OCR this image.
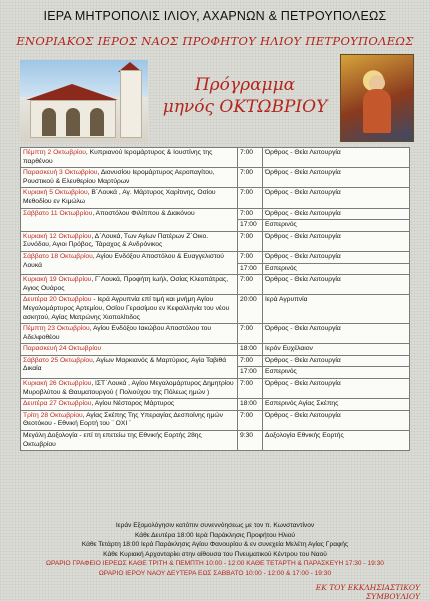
ΙΕΡΑ ΜΗΤΡΟΠΟΛΙΣ ΙΛΙΟΥ, ΑΧΑΡΝΩΝ & ΠΕΤΡΟΥΠΟΛΕΩΣ
ΕΝΟΡΙΑΚΟΣ ΙΕΡΟΣ ΝΑΟΣ ΠΡΟΦΗΤΟΥ ΗΛΙΟΥ ΠΕΤΡΟΥΠΟΛΕΩΣ
Πρόγραμμα
μηνός ΟΚΤΩΒΡΙΟΥ
Πέμπτη 2 Οκτωβρίου, Κυπριανού Ιερομάρτυρος & Ιουστίνης της παρθένου	7:00	Όρθρος - Θεία Λειτουργία
Παρασκευή 3 Οκτωβρίου, Διονυσίου Ιερομάρτυρος Αεροπαγίτου, Ρουστικού & Ελευθερίου Μαρτύρων	7:00	Όρθρος - Θεία Λειτουργία
Κυριακή 5 Οκτωβρίου, Β΄Λουκά , Αγ. Μάρτυρος Χαρίτινης, Οσίου Μεθοδίου εν Κιμώλω	7:00	Όρθρος - Θεία Λειτουργία
Σάββατο 11 Οκτωβρίου, Αποστόλου Φιλίππου & Διακόνου	7:00	Όρθρος - Θεία Λειτουργία
	17:00	Εσπερινός
Κυριακή 12 Οκτωβρίου, Δ΄Λουκά, Των Αγίων Πατέρων Ζ΄Οικο. Συνόδου, Αγιοι Πρόβος, Τάραχος & Ανδρόνικος	7:00	Όρθρος - Θεία Λειτουργία
Σάββατο 18 Οκτωβρίου, Αγίου Ενδόξου Αποστόλου & Ευαγγελιστού Λουκά	7:00	Όρθρος - Θεία Λειτουργία
	17:00	Εσπερινός
Κυριακή 19 Οκτωβρίου, Γ΄Λουκά, Προφήτη Ιωήλ, Οσίας Κλεοπάτρας, Αγιος Ουάρος	7:00	Όρθρος - Θεία Λειτουργία
Δευτέρα 20 Οκτωβρίου - Ιερά Αγρυπνία επί τιμή και μνήμη Αγίου Μεγαλομάρτυρος Αρτεμίου, Οσίου Γερασίμου εν Κεφαλληνία του νέου ασκητού, Αγίας Ματρώνης Χιοπολίτιδος	20:00	Ιερά Αγρυπνία
Πέμπτη 23 Οκτωβρίου, Αγίου Ενδόξου Ιακώβου Αποστόλου του Αδελφοθέου	7:00	Όρθρος - Θεία Λειτουργία
Παρασκευή 24 Οκτωβρίου	18:00	Ιερόν Ευχέλαιον
Σάββατο 25 Οκτωβρίου, Αγίων Μαρκιανός & Μαρτύριος, Αγία Ταβιθά Δικαία	7:00	Όρθρος - Θεία Λειτουργία
	17:00	Εσπερινός
Κυριακή 26 Οκτωβρίου, ΙΣΤ΄Λουκά , Αγίου Μεγαλομάρτυρος Δημητρίου Μυροβλύτου & Θαυματουργού ( Πολιούχου της Πόλεως ημών )	7:00	Όρθρος - Θεία Λειτουργία
Δευτέρα 27 Οκτωβρίου, Αγίου Νέστορος Μάρτυρος	18:00	Εσπερινός Αγίας Σκέπης
Τρίτη 28 Οκτωβρίου, Αγίας Σκέπης Της Υπεραγίας Δεσποίνης ημών Θεοτόκου - Εθνική Εορτή του ¨ ΟΧΙ ¨	7:00	Όρθρος - Θεία Λειτουργία
Μεγάλη Δοξολογία - επί τη επετείω της Εθνικής Εορτής 28ης Οκτωβρίου	9:30	Δοξολογία Εθνικής Εορτής
Ιεράν Εξομολόγησιν κατόπιν συνεννόησεως με τον π. Κωνσταντίνον
Κάθε Δευτέρα 18:00 Ιερά Παράκλησις Προφήτου Ηλιού
Κάθε Τετάρτη 18:00 Ιερά Παράκλησις Αγίου Φανουρίου & εν συνεχεία Μελέτη Αγίας Γραφής
Κάθε Κυριακή Αρχονταρίκι στην αίθουσα του Πνευματικού Κέντρου του Ναού
ΩΡΑΡΙΟ ΓΡΑΦΕΙΟ ΙΕΡΕΩΣ ΚΑΘΕ ΤΡΙΤΗ & ΠΕΜΠΤΗ 10:00 - 12:00 ΚΑΘΕ ΤΕΤΑΡΤΗ & ΠΑΡΑΣΚΕΥΗ 17:30 - 19:30
ΩΡΑΡΙΟ ΙΕΡΟΥ ΝΑΟΥ ΔΕΥΤΕΡΑ ΕΩΣ ΣΑΒΒΑΤΟ 10:00 - 12:00 & 17:00 - 19:30
ΕΚ ΤΟΥ ΕΚΚΛΗΣΙΑΣΤΙΚΟΥ ΣΥΜΒΟΥΛΙΟΥ
